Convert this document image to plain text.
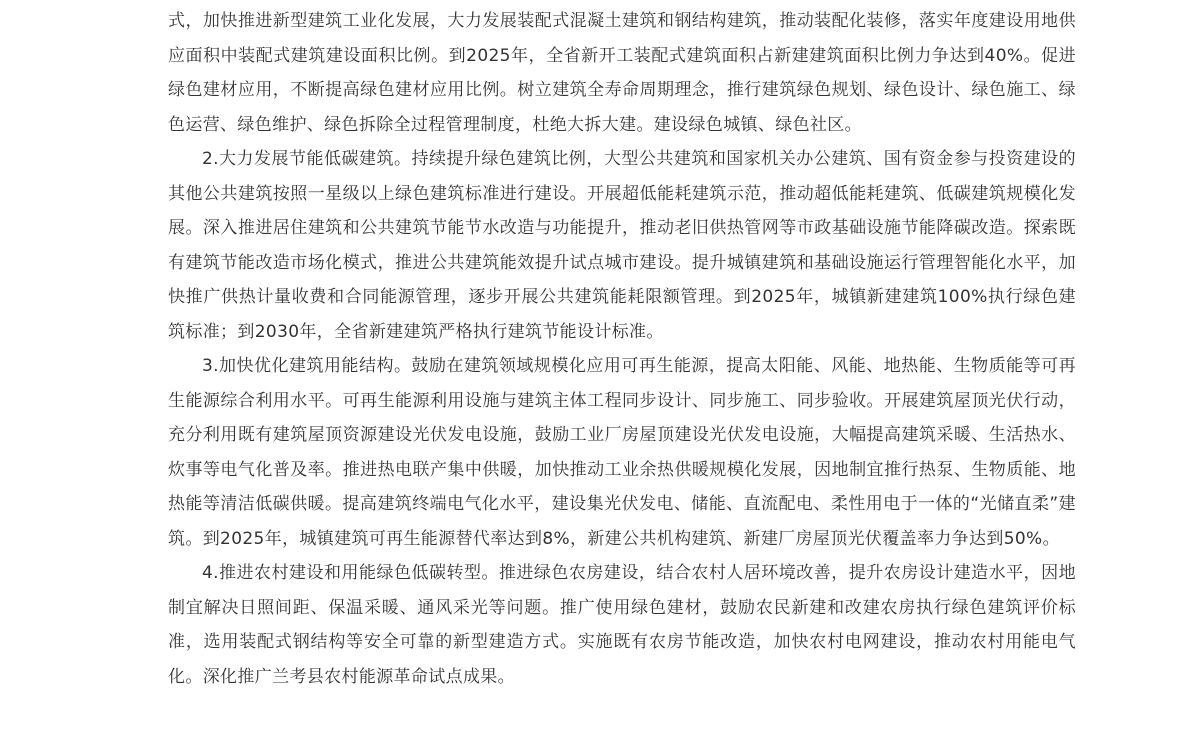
式，加快推进新型建筑工业化发展，大力发展装配式混凝土建筑和钢结构建筑，推动装配化装修，落实年度建设用地供应面积中装配式建筑建设面积比例。到2025年，全省新开工装配式建筑面积占新建建筑面积比例力争达到40%。促进绿色建材应用，不断提高绿色建材应用比例。树立建筑全寿命周期理念，推行建筑绿色规划、绿色设计、绿色施工、绿色运营、绿色维护、绿色拆除全过程管理制度，杜绝大拆大建。建设绿色城镇、绿色社区。

2.大力发展节能低碳建筑。持续提升绿色建筑比例，大型公共建筑和国家机关办公建筑、国有资金参与投资建设的其他公共建筑按照一星级以上绿色建筑标准进行建设。开展超低能耗建筑示范，推动超低能耗建筑、低碳建筑规模化发展。深入推进居住建筑和公共建筑节能节水改造与功能提升，推动老旧供热管网等市政基础设施节能降碳改造。探索既有建筑节能改造市场化模式，推进公共建筑能效提升试点城市建设。提升城镇建筑和基础设施运行管理智能化水平，加快推广供热计量收费和合同能源管理，逐步开展公共建筑能耗限额管理。到2025年，城镇新建建筑100%执行绿色建筑标准；到2030年，全省新建建筑严格执行建筑节能设计标准。

3.加快优化建筑用能结构。鼓励在建筑领域规模化应用可再生能源，提高太阳能、风能、地热能、生物质能等可再生能源综合利用水平。可再生能源利用设施与建筑主体工程同步设计、同步施工、同步验收。开展建筑屋顶光伏行动，充分利用既有建筑屋顶资源建设光伏发电设施，鼓励工业厂房屋顶建设光伏发电设施，大幅提高建筑采暖、生活热水、炊事等电气化普及率。推进热电联产集中供暖，加快推动工业余热供暖规模化发展，因地制宜推行热泵、生物质能、地热能等清洁低碳供暖。提高建筑终端电气化水平，建设集光伏发电、储能、直流配电、柔性用电于一体的“光储直柔”建筑。到2025年，城镇建筑可再生能源替代率达到8%，新建公共机构建筑、新建厂房屋顶光伏覆盖率力争达到50%。

4.推进农村建设和用能绿色低碳转型。推进绿色农房建设，结合农村人居环境改善，提升农房设计建造水平，因地制宜解决日照间距、保温采暖、通风采光等问题。推广使用绿色建材，鼓励农民新建和改建农房执行绿色建筑评价标准，选用装配式钢结构等安全可靠的新型建造方式。实施既有农房节能改造，加快农村电网建设，推动农村用能电气化。深化推广兰考县农村能源革命试点成果。
